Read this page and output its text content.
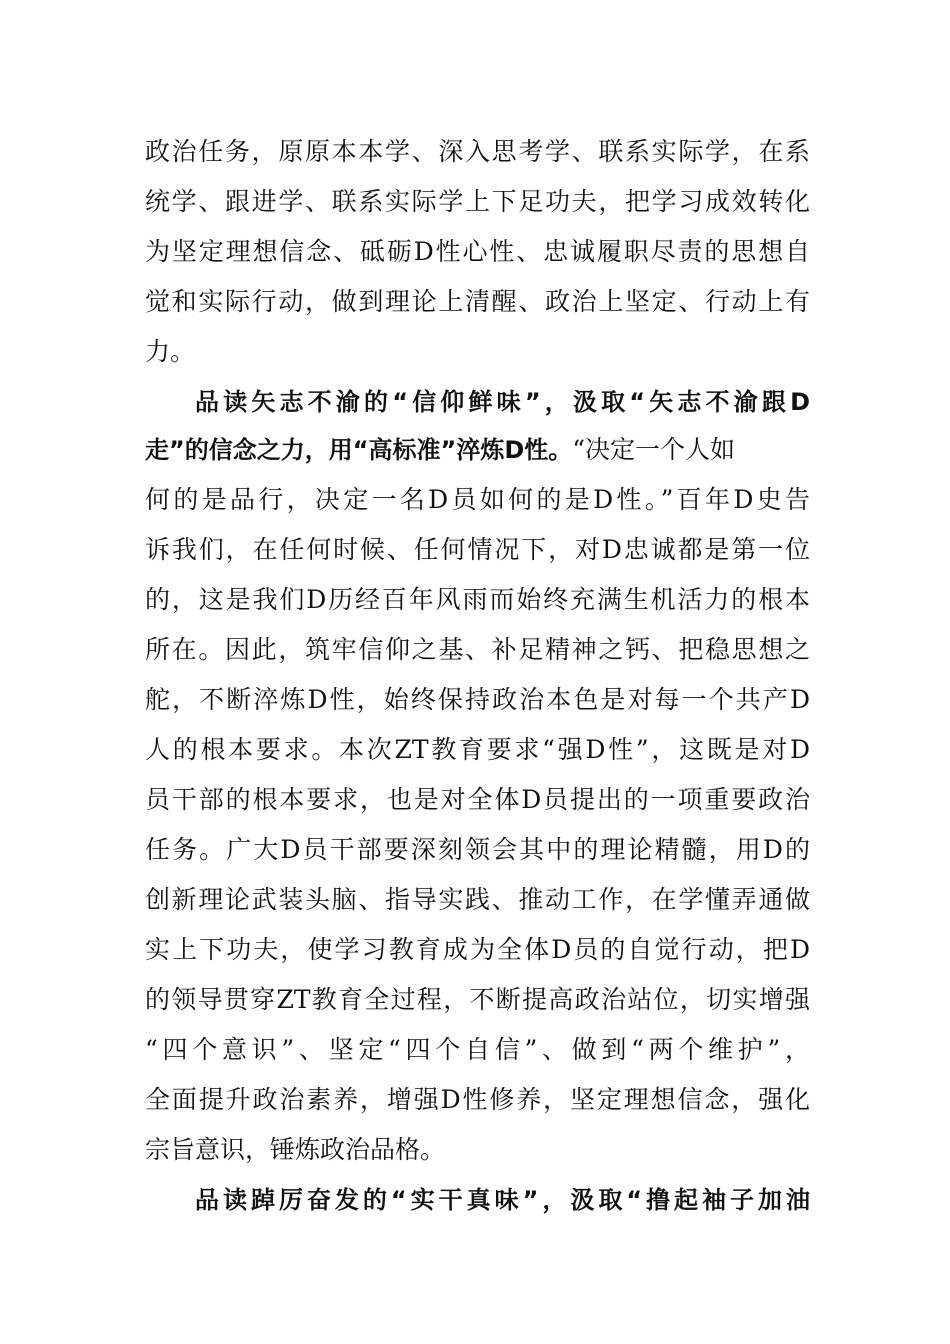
政治任务，原原本本学、深入思考学、联系实际学，在系
统学、跟进学、联系实际学上下足功夫，把学习成效转化
为坚定理想信念、砥砺D性心性、忠诚履职尽责的思想自
觉和实际行动，做到理论上清醒、政治上坚定、行动上有
力。
品读矢志不渝的“信仰鲜味”，汲取“矢志不渝跟D
走”的信念之力，用“高标准”淬炼D性。“决定一个人如
何的是品行，决定一名D员如何的是D性。”百年D史告
诉我们，在任何时候、任何情况下，对D忠诚都是第一位
的，这是我们D历经百年风雨而始终充满生机活力的根本
所在。因此，筑牢信仰之基、补足精神之钙、把稳思想之
舵，不断淬炼D性，始终保持政治本色是对每一个共产D
人的根本要求。本次ZT教育要求“强D性”，这既是对D
员干部的根本要求，也是对全体D员提出的一项重要政治
任务。广大D员干部要深刻领会其中的理论精髓，用D的
创新理论武装头脑、指导实践、推动工作，在学懂弄通做
实上下功夫，使学习教育成为全体D员的自觉行动，把D
的领导贯穿ZT教育全过程，不断提高政治站位，切实增强
“四个意识”、坚定“四个自信”、做到“两个维护”，
全面提升政治素养，增强D性修养，坚定理想信念，强化
宗旨意识，锤炼政治品格。
品读踔厉奋发的“实干真味”，汲取“撸起袖子加油
